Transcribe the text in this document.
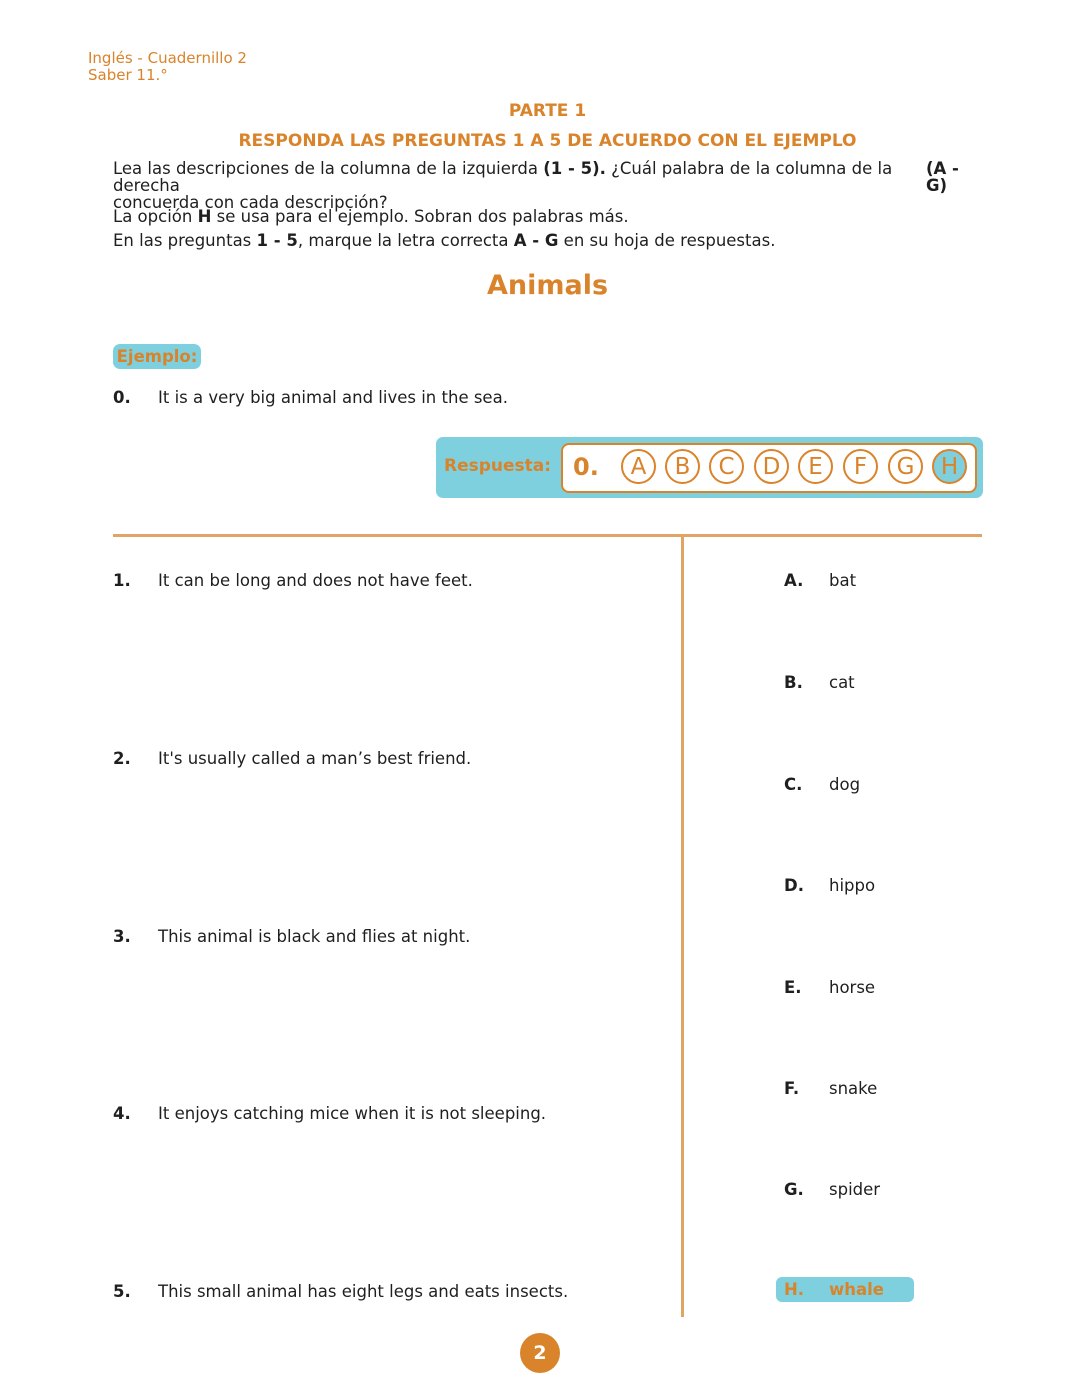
Inglés - Cuadernillo 2
Saber 11.°
PARTE 1
RESPONDA LAS PREGUNTAS 1 A 5 DE ACUERDO CON EL EJEMPLO
Lea las descripciones de la columna de la izquierda (1 - 5). ¿Cuál palabra de la columna de la derecha
(A - G)
concuerda con cada descripción?
La opción H se usa para el ejemplo. Sobran dos palabras más.
En las preguntas 1 - 5, marque la letra correcta A - G en su hoja de respuestas.
Animals
Ejemplo:
0.	It is a very big animal and lives in the sea.
Respuesta: 0.	A	B	C	D	E	F	G	H
1.	It can be long and does not have feet.
2.	It's usually called a man’s best friend.
3.	This animal is black and flies at night.
4.	It enjoys catching mice when it is not sleeping.
5.	This small animal has eight legs and eats insects.
A.	bat
B.	cat
C.	dog
D.	hippo
E.	horse
F.	snake
G.	spider
H.	whale
2
